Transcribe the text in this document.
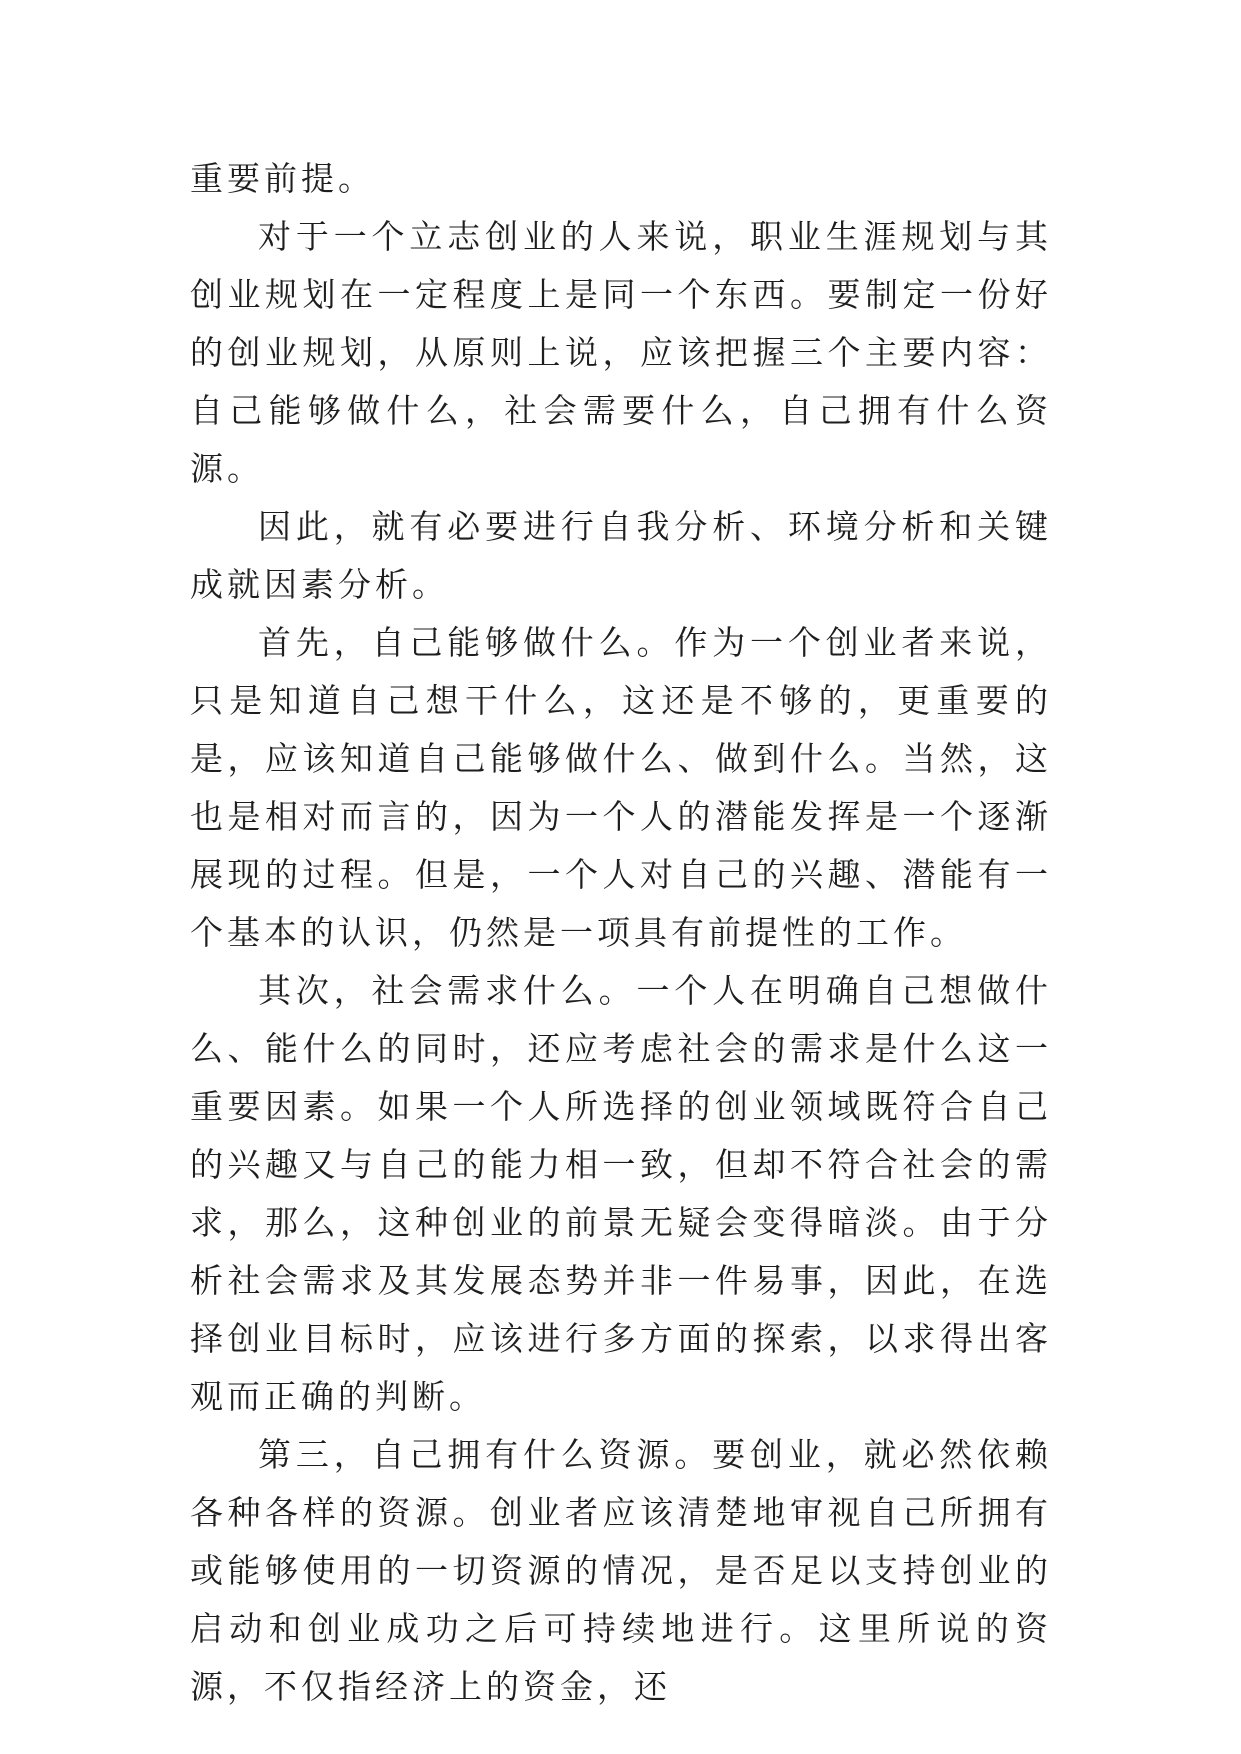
重要前提。

对于一个立志创业的人来说，职业生涯规划与其创业规划在一定程度上是同一个东西。要制定一份好的创业规划，从原则上说，应该把握三个主要内容：自己能够做什么，社会需要什么，自己拥有什么资源。

因此，就有必要进行自我分析、环境分析和关键成就因素分析。

首先，自己能够做什么。作为一个创业者来说，只是知道自己想干什么，这还是不够的，更重要的是，应该知道自己能够做什么、做到什么。当然，这也是相对而言的，因为一个人的潜能发挥是一个逐渐展现的过程。但是，一个人对自己的兴趣、潜能有一个基本的认识，仍然是一项具有前提性的工作。

其次，社会需求什么。一个人在明确自己想做什么、能什么的同时，还应考虑社会的需求是什么这一重要因素。如果一个人所选择的创业领域既符合自己的兴趣又与自己的能力相一致，但却不符合社会的需求，那么，这种创业的前景无疑会变得暗淡。由于分析社会需求及其发展态势并非一件易事，因此，在选择创业目标时，应该进行多方面的探索，以求得出客观而正确的判断。

第三，自己拥有什么资源。要创业，就必然依赖各种各样的资源。创业者应该清楚地审视自己所拥有或能够使用的一切资源的情况，是否足以支持创业的启动和创业成功之后可持续地进行。这里所说的资源，不仅指经济上的资金，还
